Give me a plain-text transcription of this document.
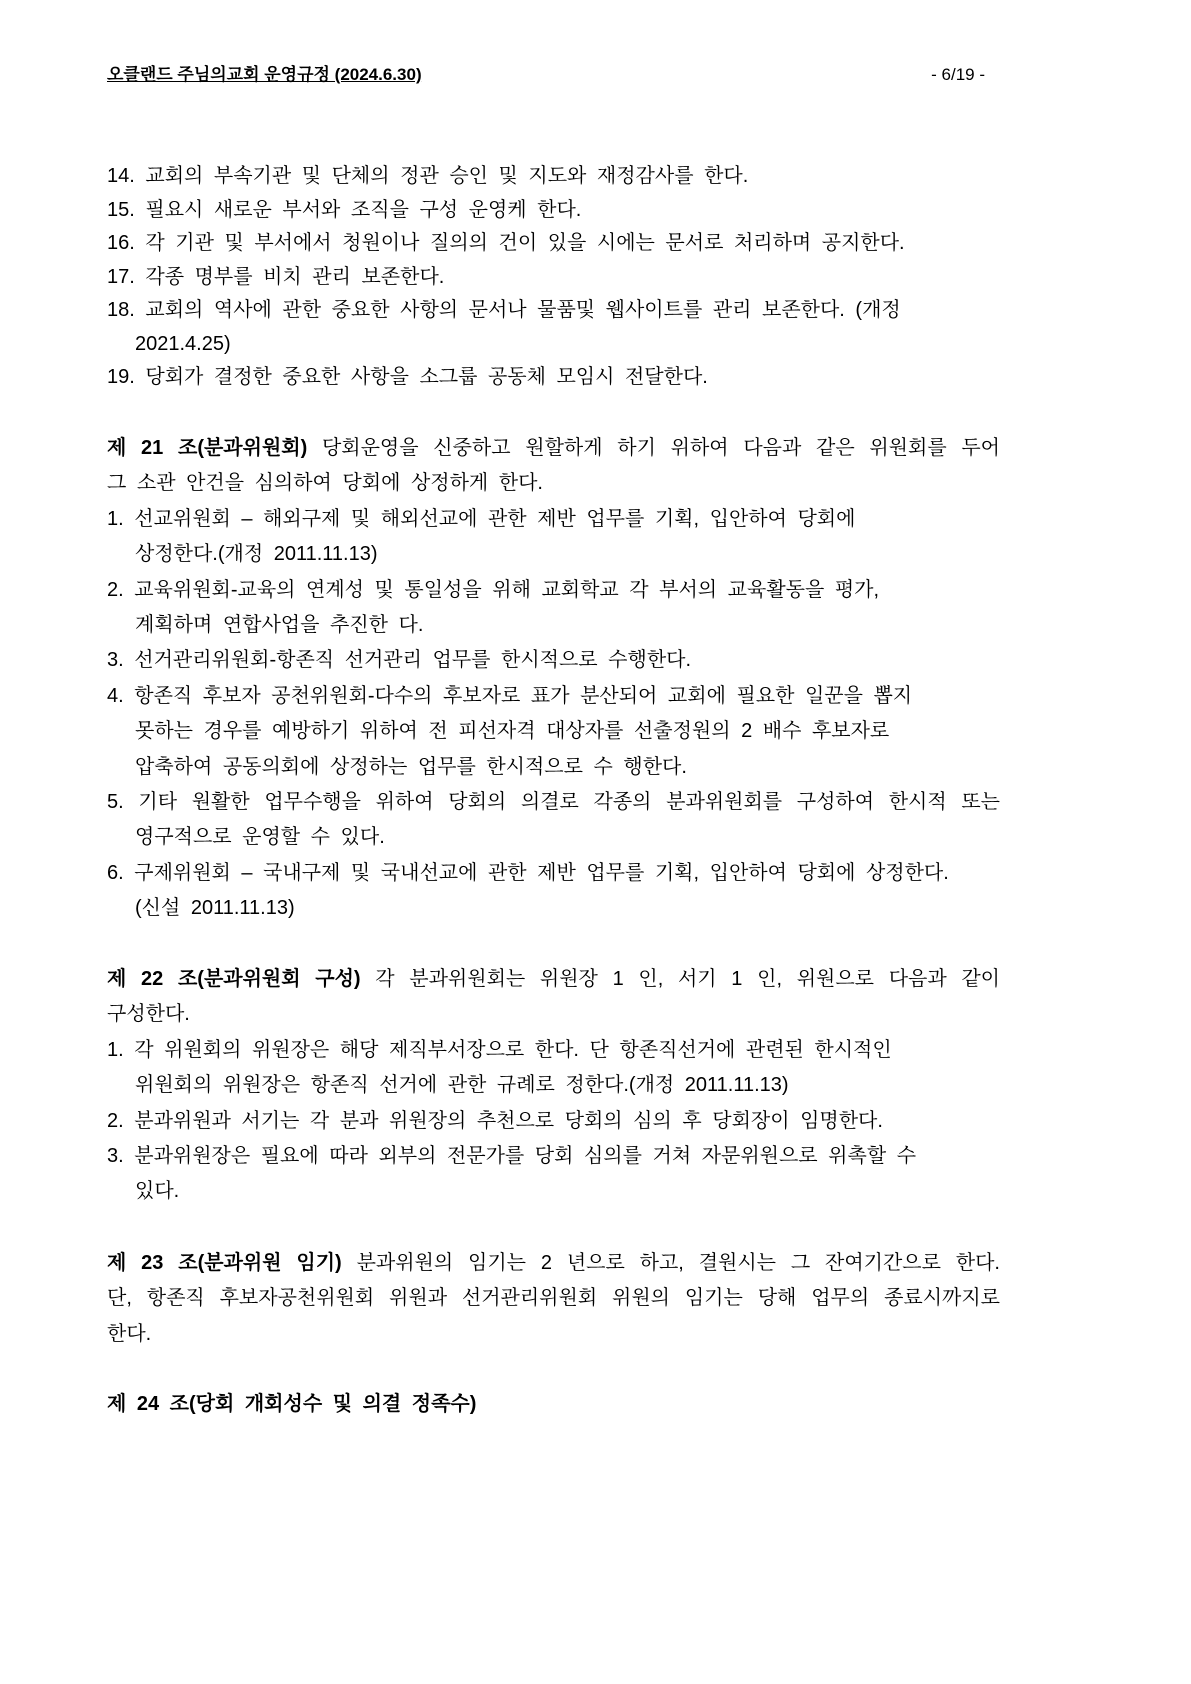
오클랜드 주님의교회 운영규정 (2024.6.30)	- 6/19 -
14. 교회의 부속기관 및 단체의 정관 승인 및 지도와 재정감사를 한다.
15. 필요시 새로운 부서와 조직을 구성 운영케 한다.
16. 각 기관 및 부서에서 청원이나 질의의 건이 있을 시에는 문서로 처리하며 공지한다.
17. 각종 명부를 비치 관리 보존한다.
18. 교회의 역사에 관한 중요한 사항의 문서나 물품및 웹사이트를 관리 보존한다. (개정
2021.4.25)
19. 당회가 결정한 중요한 사항을 소그룹 공동체 모임시 전달한다.
제 21 조(분과위원회) 당회운영을 신중하고 원할하게 하기 위하여 다음과 같은 위원회를 두어
그 소관 안건을 심의하여 당회에 상정하게 한다.
1. 선교위원회 – 해외구제 및 해외선교에 관한 제반 업무를 기획, 입안하여 당회에
상정한다.(개정 2011.11.13)
2. 교육위원회-교육의 연계성 및 통일성을 위해 교회학교 각 부서의 교육활동을 평가,
계획하며 연합사업을 추진한 다.
3. 선거관리위원회-항존직 선거관리 업무를 한시적으로 수행한다.
4. 항존직 후보자 공천위원회-다수의 후보자로 표가 분산되어 교회에 필요한 일꾼을 뽑지
못하는 경우를 예방하기 위하여 전 피선자격 대상자를 선출정원의 2 배수 후보자로
압축하여 공동의회에 상정하는 업무를 한시적으로 수 행한다.
5. 기타 원활한 업무수행을 위하여 당회의 의결로 각종의 분과위원회를 구성하여 한시적 또는
영구적으로 운영할 수 있다.
6. 구제위원회 – 국내구제 및 국내선교에 관한 제반 업무를 기획, 입안하여 당회에 상정한다.
(신설 2011.11.13)
제 22 조(분과위원회 구성) 각 분과위원회는 위원장 1 인, 서기 1 인, 위원으로 다음과 같이
구성한다.
1. 각 위원회의 위원장은 해당 제직부서장으로 한다. 단 항존직선거에 관련된 한시적인
위원회의 위원장은 항존직 선거에 관한 규례로 정한다.(개정 2011.11.13)
2. 분과위원과 서기는 각 분과 위원장의 추천으로 당회의 심의 후 당회장이 임명한다.
3. 분과위원장은 필요에 따라 외부의 전문가를 당회 심의를 거쳐 자문위원으로 위촉할 수
있다.
제 23 조(분과위원 임기) 분과위원의 임기는 2 년으로 하고, 결원시는 그 잔여기간으로 한다.
단, 항존직 후보자공천위원회 위원과 선거관리위원회 위원의 임기는 당해 업무의 종료시까지로
한다.
제 24 조(당회 개회성수 및 의결 정족수)
